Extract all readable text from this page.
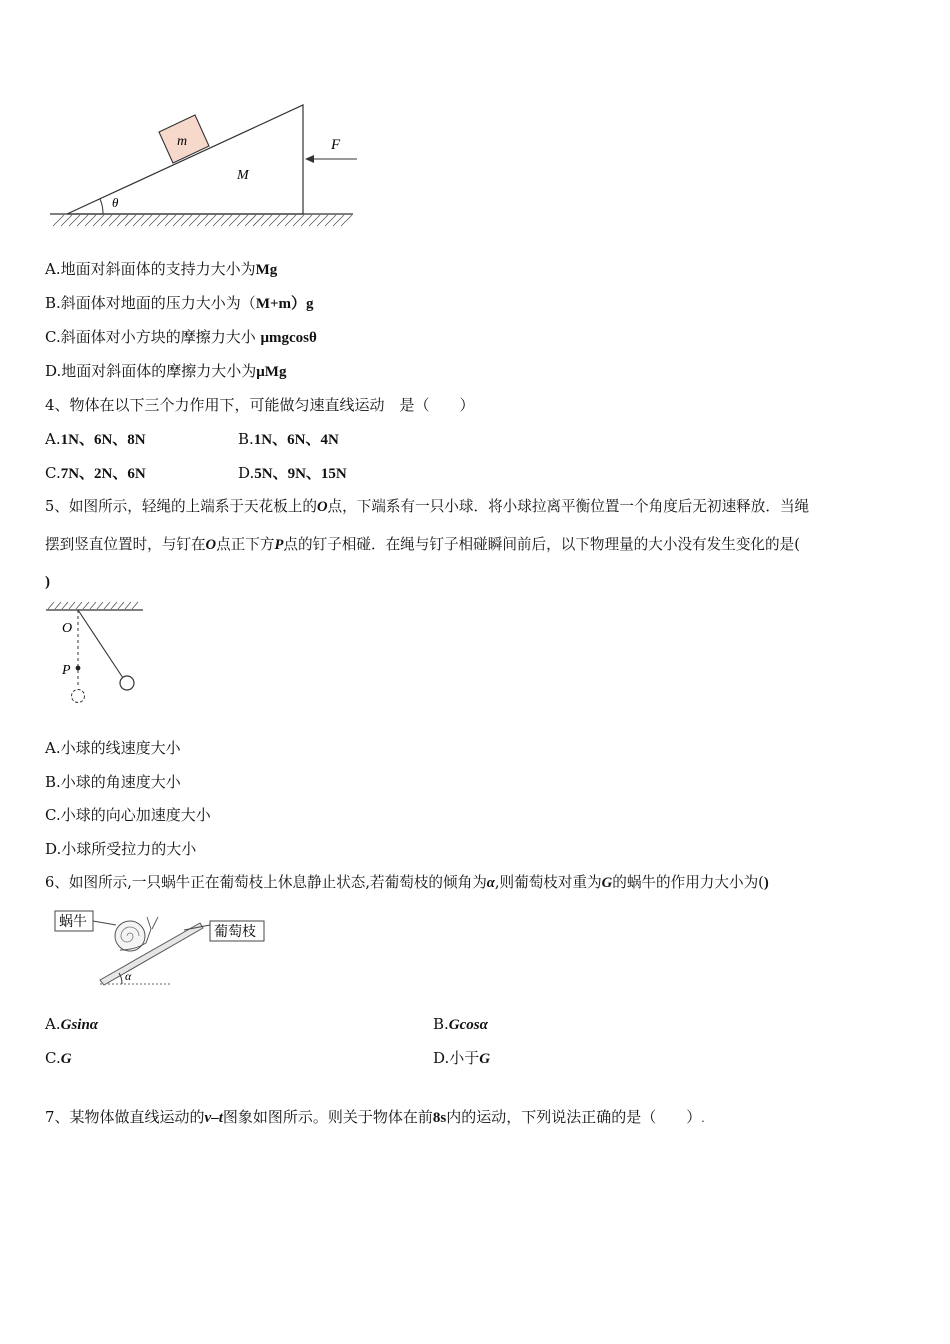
m
M
F
θ
A.地面对斜面体的支持力大小为Mg
B.斜面体对地面的压力大小为（M+m）g
C.斜面体对小方块的摩擦力大小 μmgcosθ
D.地面对斜面体的摩擦力大小为μMg
4、物体在以下三个力作用下，可能做匀速直线运动　是（　　）
A.1N、6N、8N	B.1N、6N、4N
C.7N、2N、6N	D.5N、9N、15N
5、如图所示，轻绳的上端系于天花板上的O点，下端系有一只小球．将小球拉离平衡位置一个角度后无初速释放．当绳
摆到竖直位置时，与钉在O点正下方P点的钉子相碰．在绳与钉子相碰瞬间前后，以下物理量的大小没有发生变化的是(
)
O
P
A.小球的线速度大小
B.小球的角速度大小
C.小球的向心加速度大小
D.小球所受拉力的大小
6、如图所示,一只蜗牛正在葡萄枝上休息静止状态,若葡萄枝的倾角为α,则葡萄枝对重为G的蜗牛的作用力大小为()
α
蜗牛
葡萄枝
A.Gsinα	B.Gcosα
C.G	D.小于G
7、某物体做直线运动的v–t图象如图所示。则关于物体在前8s内的运动，下列说法正确的是（　　）.
